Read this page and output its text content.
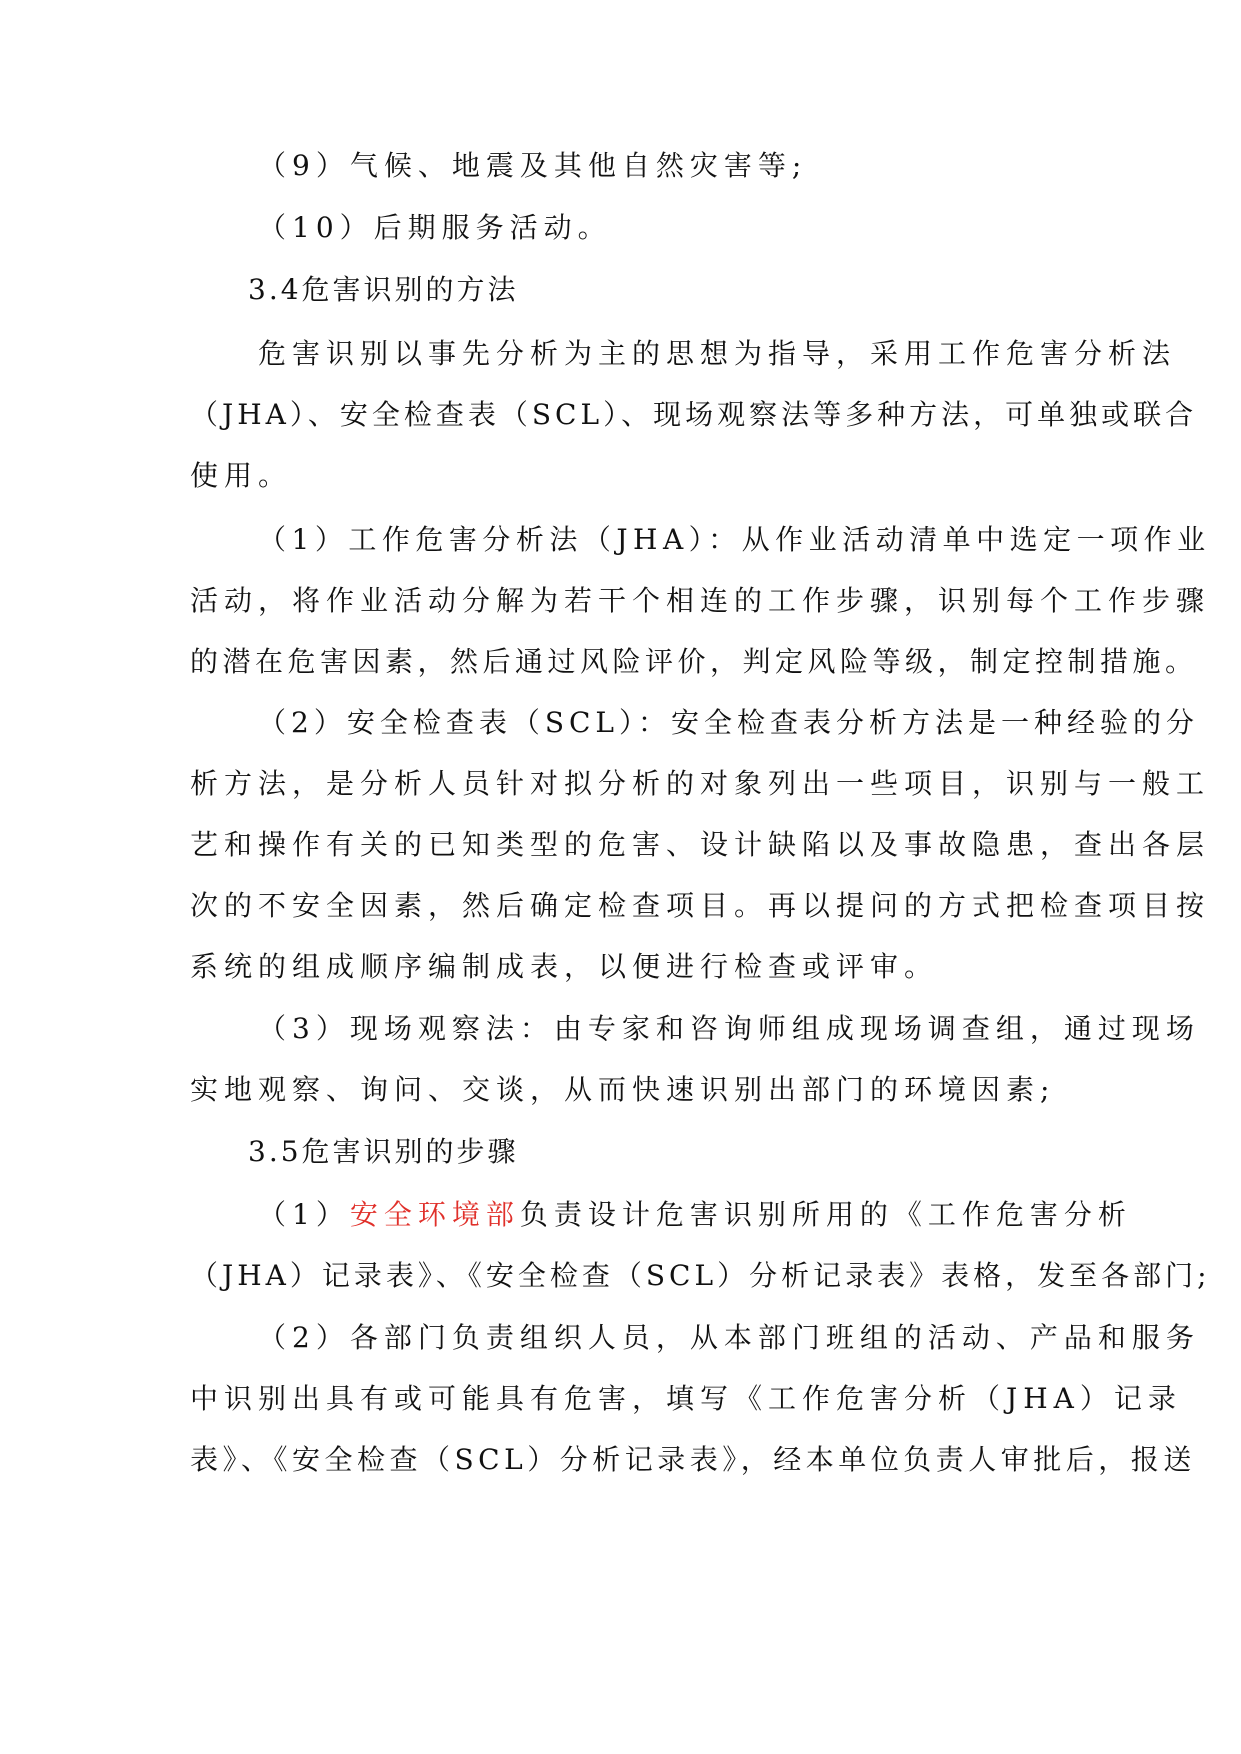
（9）气候、地震及其他自然灾害等;
（10）后期服务活动。
3.4危害识别的方法
危害识别以事先分析为主的思想为指导，采用工作危害分析法
（JHA）、安全检查表（SCL）、现场观察法等多种方法，可单独或联合
使用。
（1）工作危害分析法（JHA）：从作业活动清单中选定一项作业
活动，将作业活动分解为若干个相连的工作步骤，识别每个工作步骤
的潜在危害因素，然后通过风险评价，判定风险等级，制定控制措施。
（2）安全检查表（SCL）：安全检查表分析方法是一种经验的分
析方法，是分析人员针对拟分析的对象列出一些项目，识别与一般工
艺和操作有关的已知类型的危害、设计缺陷以及事故隐患，查出各层
次的不安全因素，然后确定检查项目。再以提问的方式把检查项目按
系统的组成顺序编制成表，以便进行检查或评审。
（3）现场观察法：由专家和咨询师组成现场调查组，通过现场
实地观察、询问、交谈，从而快速识别出部门的环境因素;
3.5危害识别的步骤
（1）安全环境部负责设计危害识别所用的《工作危害分析
（JHA）记录表》、《安全检查（SCL）分析记录表》表格，发至各部门;
（2）各部门负责组织人员，从本部门班组的活动、产品和服务
中识别出具有或可能具有危害，填写《工作危害分析（JHA）记录
表》、《安全检查（SCL）分析记录表》，经本单位负责人审批后，报送
